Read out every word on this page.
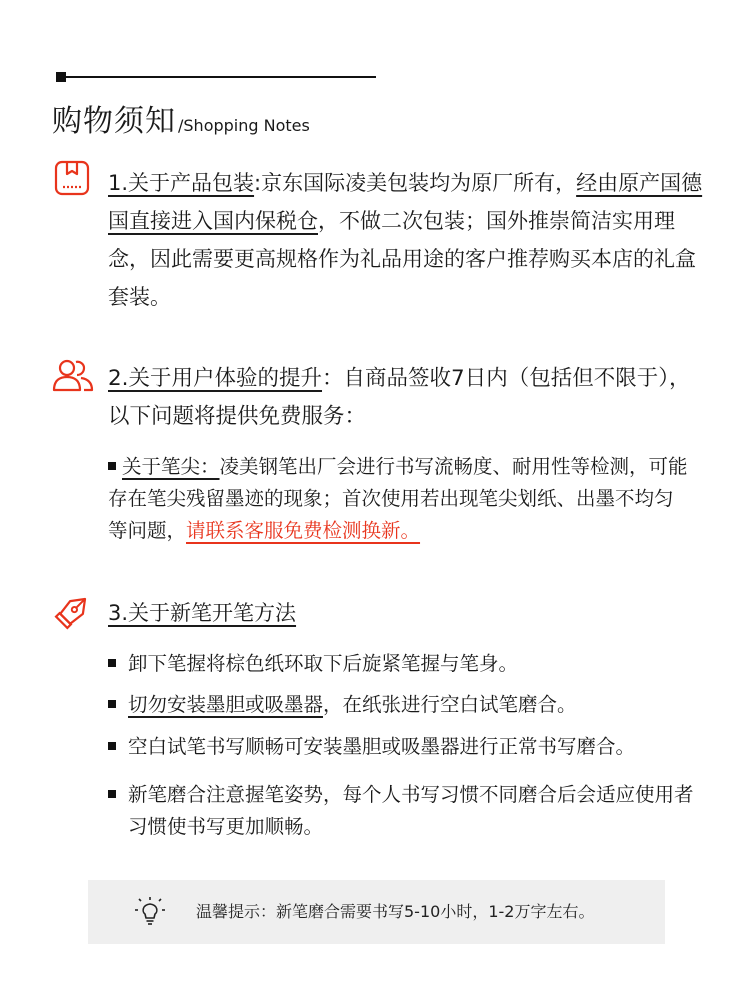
购物须知 /Shopping Notes
1.关于产品包装:京东国际凌美包装均为原厂所有，经由原产国德国直接进入国内保税仓，不做二次包装；国外推崇简洁实用理念，因此需要更高规格作为礼品用途的客户推荐购买本店的礼盒套装。
2.关于用户体验的提升：自商品签收7日内（包括但不限于），以下问题将提供免费服务：
关于笔尖：凌美钢笔出厂会进行书写流畅度、耐用性等检测，可能存在笔尖残留墨迹的现象；首次使用若出现笔尖划纸、出墨不均匀等问题，请联系客服免费检测换新。
3.关于新笔开笔方法
卸下笔握将棕色纸环取下后旋紧笔握与笔身。
切勿安装墨胆或吸墨器，在纸张进行空白试笔磨合。
空白试笔书写顺畅可安装墨胆或吸墨器进行正常书写磨合。
新笔磨合注意握笔姿势，每个人书写习惯不同磨合后会适应使用者习惯使书写更加顺畅。
温馨提示：新笔磨合需要书写5-10小时，1-2万字左右。
